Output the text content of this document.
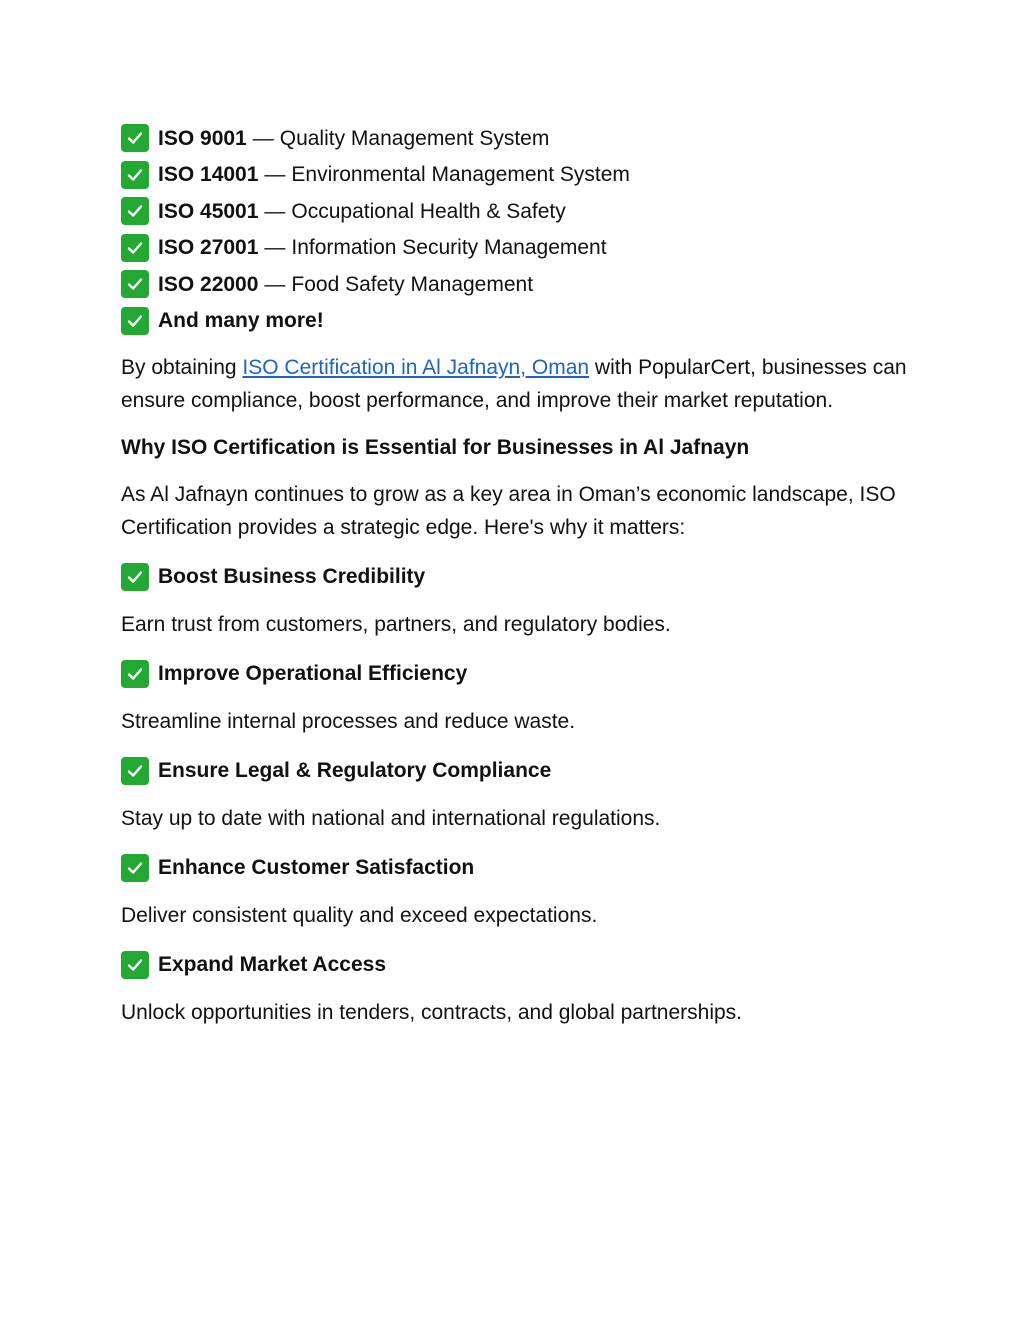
ISO 9001 — Quality Management System
ISO 14001 — Environmental Management System
ISO 45001 — Occupational Health & Safety
ISO 27001 — Information Security Management
ISO 22000 — Food Safety Management
And many more!

By obtaining ISO Certification in Al Jafnayn, Oman with PopularCert, businesses can ensure compliance, boost performance, and improve their market reputation.

Why ISO Certification is Essential for Businesses in Al Jafnayn

As Al Jafnayn continues to grow as a key area in Oman’s economic landscape, ISO Certification provides a strategic edge. Here's why it matters:

Boost Business Credibility

Earn trust from customers, partners, and regulatory bodies.

Improve Operational Efficiency

Streamline internal processes and reduce waste.

Ensure Legal & Regulatory Compliance

Stay up to date with national and international regulations.

Enhance Customer Satisfaction

Deliver consistent quality and exceed expectations.

Expand Market Access

Unlock opportunities in tenders, contracts, and global partnerships.
